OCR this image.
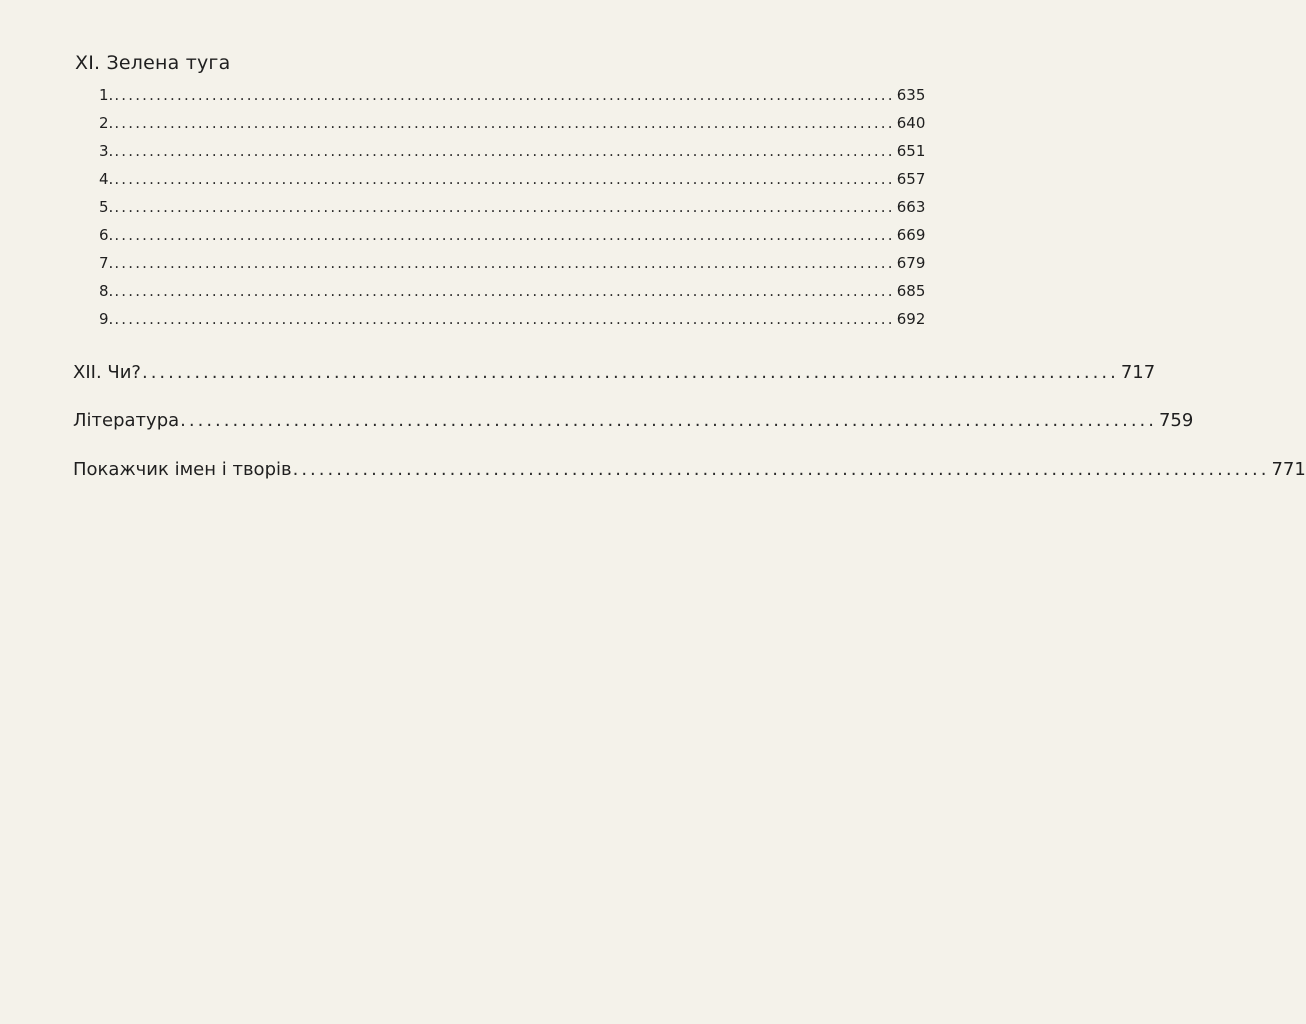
XI. Зелена туга
1. ................................................................................................................ 635
2. ................................................................................................................ 640
3. ................................................................................................................ 651
4. ................................................................................................................ 657
5. ................................................................................................................ 663
6. ................................................................................................................ 669
7. ................................................................................................................ 679
8. ................................................................................................................ 685
9. ................................................................................................................ 692
XII. Чи? ................................................................................................................ 717
Література ................................................................................................................ 759
Покажчик імен і творів ................................................................................................................ 771
